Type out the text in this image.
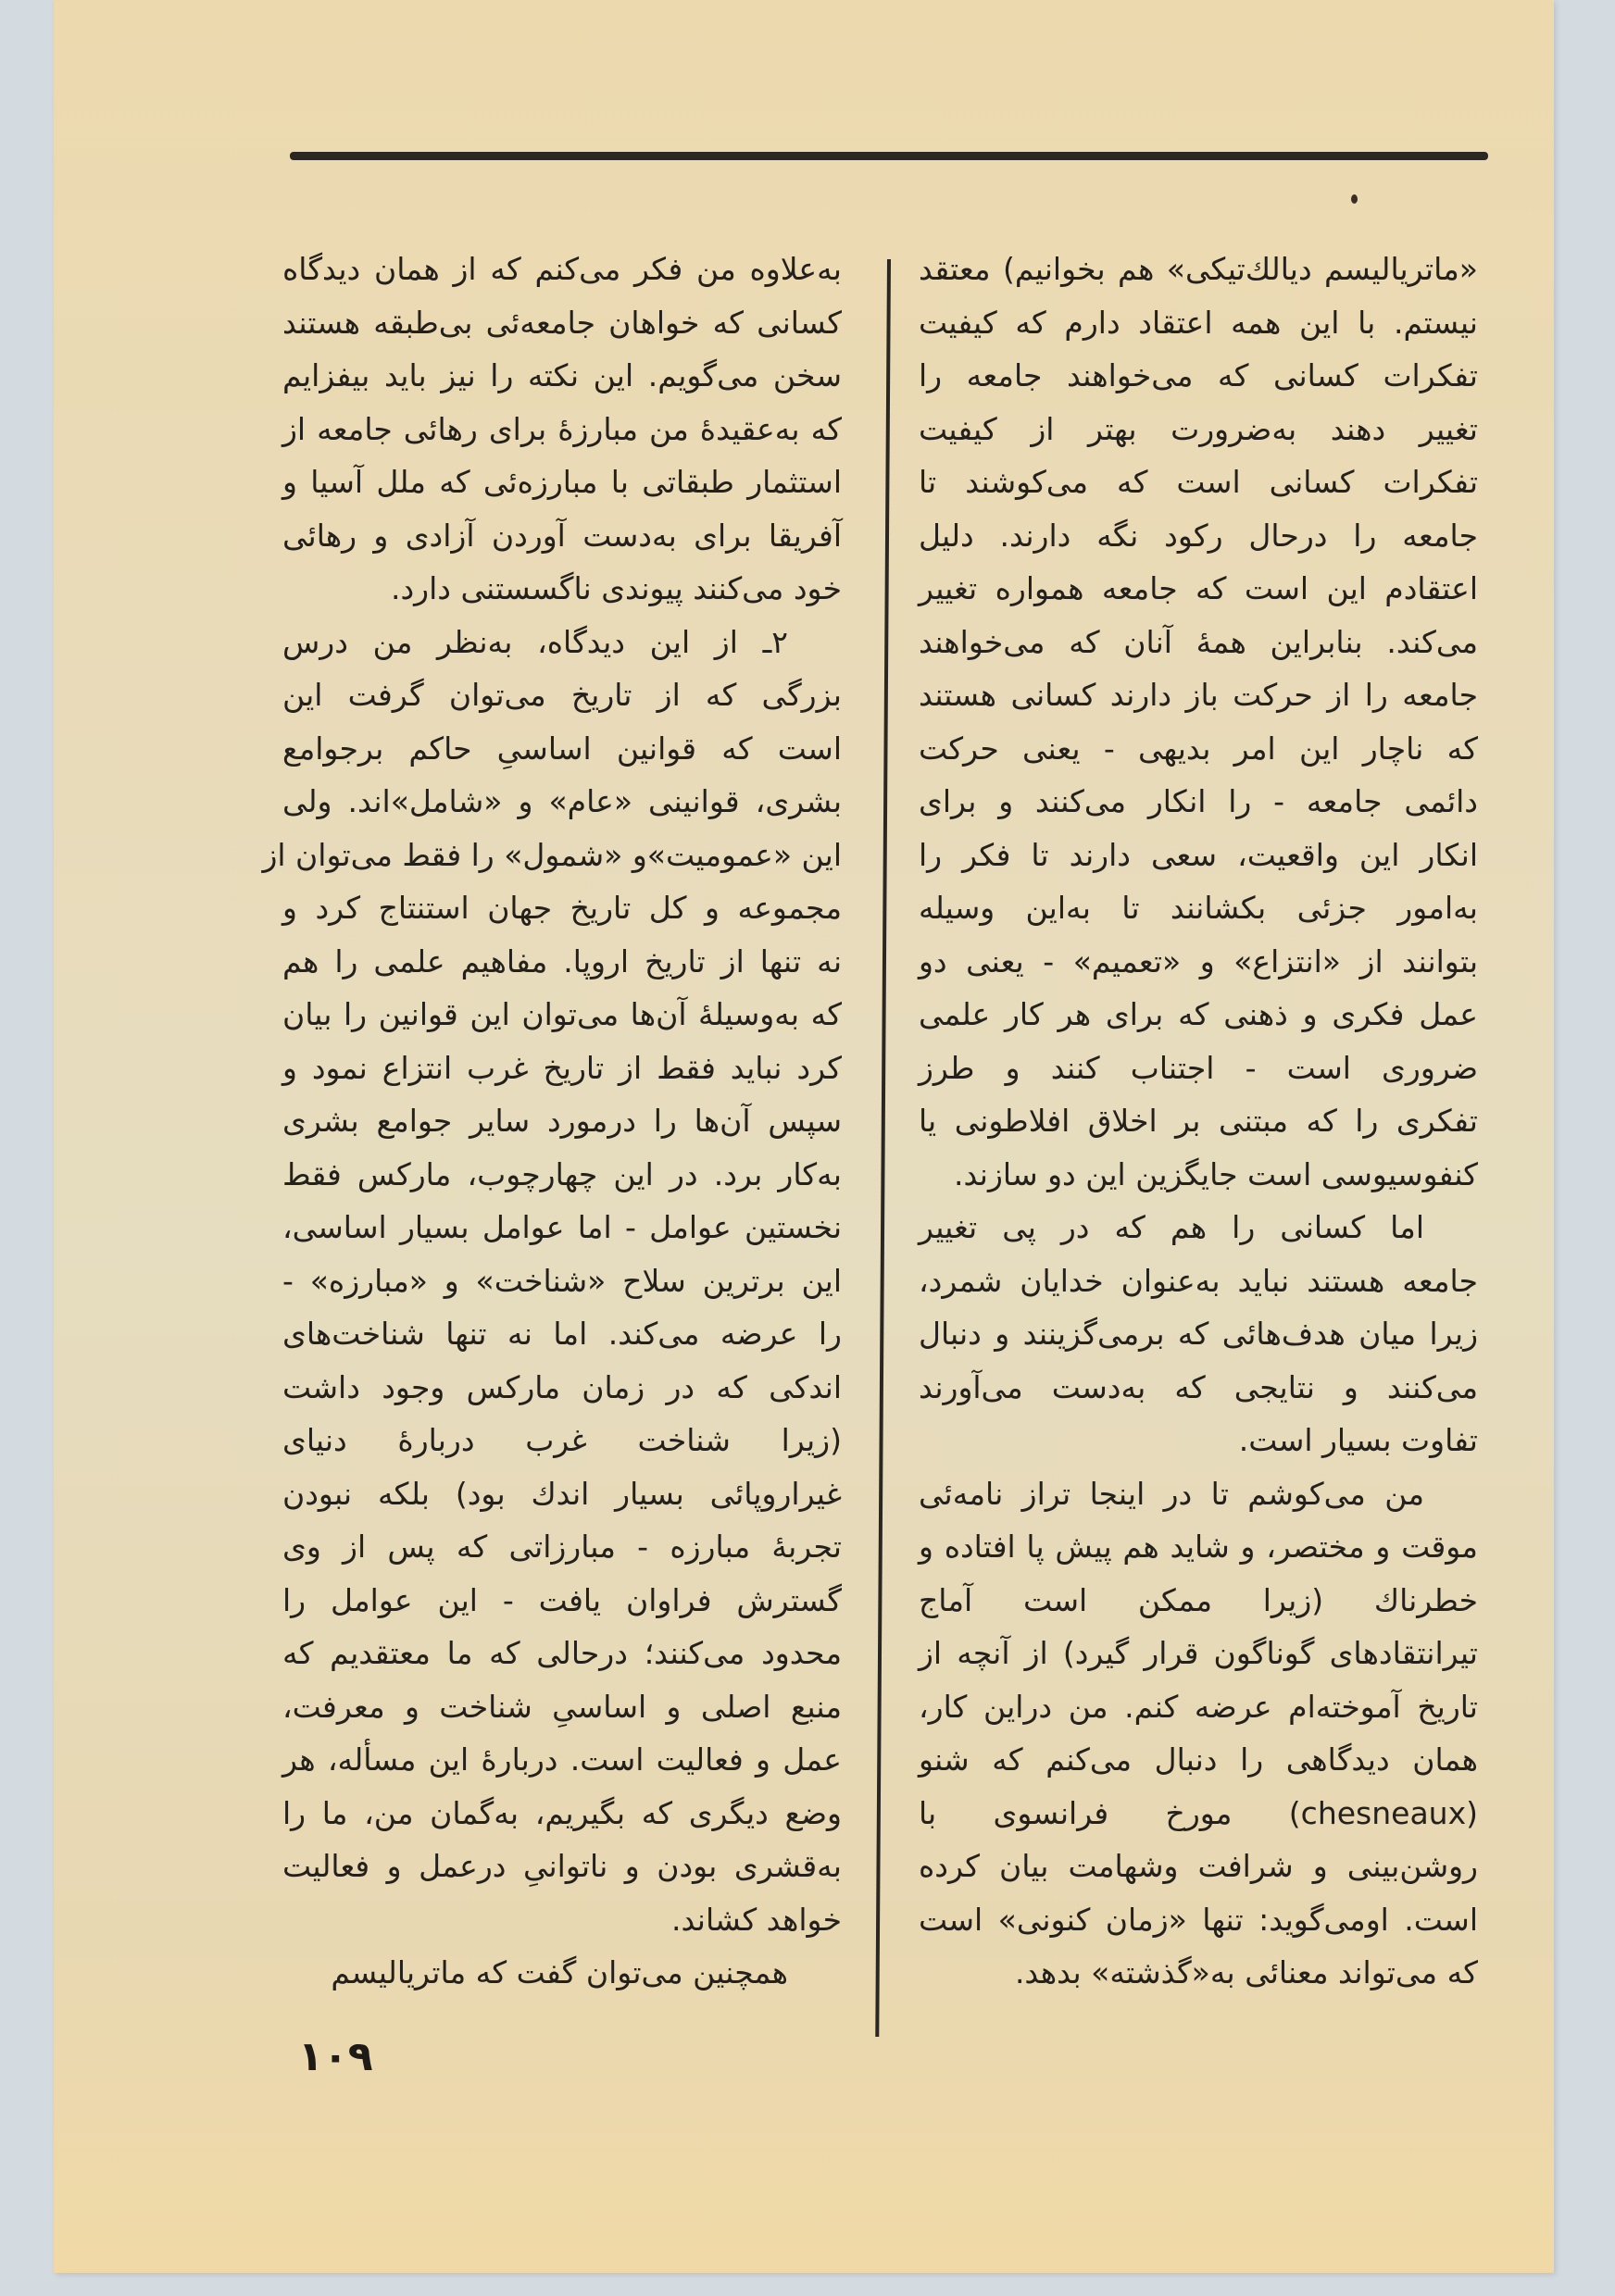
«ماتریالیسم دیالك‌تیکی» هم بخوانیم) معتقد
نیستم. با این همه اعتقاد دارم که کیفیت
تفکرات کسانی که می‌خواهند جامعه را
تغییر دهند به‌ضرورت بهتر از کیفیت
تفکرات کسانی است که می‌کوشند تا
جامعه را درحال رکود نگه دارند. دلیل
اعتقادم این است که جامعه همواره تغییر
می‌کند. بنابراین همهٔ آنان که می‌خواهند
جامعه را از حرکت باز دارند کسانی هستند
که ناچار این امر بدیهی - یعنی حرکت
دائمی جامعه - را انکار می‌کنند و برای
انکار این واقعیت، سعی دارند تا فکر را
به‌امور جزئی بکشانند تا به‌این وسیله
بتوانند از «انتزاع» و «تعمیم» - یعنی دو
عمل فکری و ذهنی که برای هر کار علمی
ضروری است - اجتناب کنند و طرز
تفکری را که مبتنی بر اخلاق افلاطونی یا
کنفوسیوسی است جایگزین این دو سازند.
اما کسانی را هم که در پی تغییر
جامعه هستند نباید به‌عنوان خدایان شمرد،
زیرا میان هدف‌هائی که برمی‌گزینند و دنبال
می‌کنند و نتایجی که به‌دست می‌آورند
تفاوت بسیار است.
من می‌کوشم تا در اینجا تراز نامه‌ئی
موقت و مختصر، و شاید هم پیش پا افتاده و
خطرناك (زیرا ممکن است آماج
تیرانتقادهای گوناگون قرار گیرد) از آنچه از
تاریخ آموخته‌ام عرضه کنم. من دراین کار،
همان دیدگاهی را دنبال می‌کنم که شنو
(chesneaux) مورخ فرانسوی با
روشن‌بینی و شرافت وشهامت بیان کرده
است. اومی‌گوید: تنها «زمان کنونی» است
که می‌تواند معنائی به«گذشته» بدهد.
به‌علاوه من فکر می‌کنم که از همان دیدگاه
کسانی که خواهان جامعه‌ئی بی‌طبقه هستند
سخن می‌گویم. این نکته را نیز باید بیفزایم
که به‌عقیدهٔ من مبارزهٔ برای رهائی جامعه از
استثمار طبقاتی با مبارزه‌ئی که ملل آسیا و
آفریقا برای به‌دست آوردن آزادی و رهائی
خود می‌کنند پیوندی ناگسستنی دارد.
۲ـ از این دیدگاه، به‌نظر من درس
بزرگی که از تاریخ می‌توان گرفت این
است که قوانین اساسیِ حاکم برجوامع
بشری، قوانینی «عام» و «شامل»اند. ولی
این «عمومیت»و «شمول» را فقط می‌توان از
مجموعه و کل تاریخ جهان استنتاج کرد و
نه تنها از تاریخ اروپا. مفاهیم علمی را هم
که به‌وسیلهٔ آن‌ها می‌توان این قوانین را بیان
کرد نباید فقط از تاریخ غرب انتزاع نمود و
سپس آن‌ها را درمورد سایر جوامع بشری
به‌کار برد. در این چهارچوب، مارکس فقط
نخستین عوامل - اما عوامل بسیار اساسی،
این برترین سلاح «شناخت» و «مبارزه» -
را عرضه می‌کند. اما نه تنها شناخت‌های
اندکی که در زمان مارکس وجود داشت
(زیرا شناخت غرب دربارهٔ دنیای
غیراروپائی بسیار اندك بود) بلکه نبودن
تجربهٔ مبارزه - مبارزاتی که پس از وی
گسترش فراوان یافت - این عوامل را
محدود می‌کنند؛ درحالی که ما معتقدیم که
منبع اصلی و اساسیِ شناخت و معرفت،
عمل و فعالیت است. دربارهٔ این مسأله، هر
وضع دیگری که بگیریم، به‌گمان من، ما را
به‌قشری بودن و ناتوانیِ درعمل و فعالیت
خواهد کشاند.
همچنین می‌توان گفت که ماتریالیسم
۱۰۹
